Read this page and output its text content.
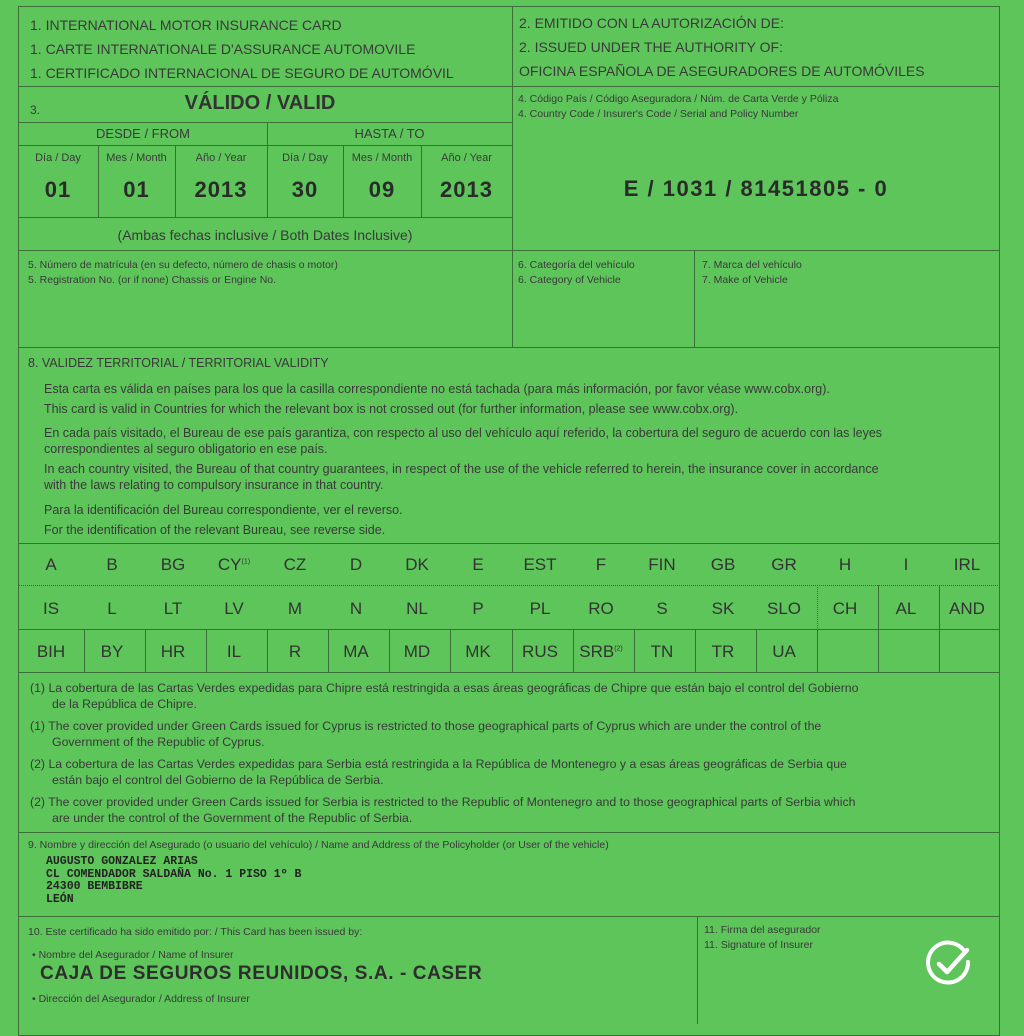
1. INTERNATIONAL MOTOR INSURANCE CARD
1. CARTE INTERNATIONALE D'ASSURANCE AUTOMOVILE
1. CERTIFICADO INTERNACIONAL DE SEGURO DE AUTOMÓVIL
2. EMITIDO CON LA AUTORIZACIÓN DE:
2. ISSUED UNDER THE AUTHORITY OF:
OFICINA ESPAÑOLA DE ASEGURADORES DE AUTOMÓVILES
3.	VÁLIDO / VALID
DESDE / FROM	HASTA / TO
Día / Day	Mes / Month	Año / Year	Día / Day	Mes / Month	Año / Year
01	01	2013	30	09	2013
(Ambas fechas inclusive / Both Dates Inclusive)
4. Código País / Código Aseguradora / Núm. de Carta Verde y Póliza
4. Country Code / Insurer's Code / Serial and Policy Number
E / 1031 / 81451805 - 0
5. Número de matrícula (en su defecto, número de chasis o motor)
5. Registration No. (or if none) Chassis or Engine No.
6. Categoría del vehículo
6. Category of Vehicle
7. Marca del vehículo
7. Make of Vehicle
8. VALIDEZ TERRITORIAL / TERRITORIAL VALIDITY
Esta carta es válida en países para los que la casilla correspondiente no está tachada (para más información, por favor véase www.cobx.org).
This card is valid in Countries for which the relevant box is not crossed out (for further information, please see www.cobx.org).
En cada país visitado, el Bureau de ese país garantiza, con respecto al uso del vehículo aquí referido, la cobertura del seguro de acuerdo con las leyes
correspondientes al seguro obligatorio en ese país.
In each country visited, the Bureau of that country guarantees, in respect of the use of the vehicle referred to herein, the insurance cover in accordance
with the laws relating to compulsory insurance in that country.
Para la identificación del Bureau correspondiente, ver el reverso.
For the identification of the relevant Bureau, see reverse side.
A	B	BG	CY$^{(1)}$	CZ	D	DK	E	EST	F	FIN	GB	GR	H	I	IRL
IS	L	LT	LV	M	N	NL	P	PL	RO	S	SK	SLO	CH	AL	AND
BIH	BY	HR	IL	R	MA	MD	MK	RUS	SRB$^{(2)}$	TN	TR	UA
(1) La cobertura de las Cartas Verdes expedidas para Chipre está restringida a esas áreas geográficas de Chipre que están bajo el control del Gobierno
de la República de Chipre.
(1) The cover provided under Green Cards issued for Cyprus is restricted to those geographical parts of Cyprus which are under the control of the
Government of the Republic of Cyprus.
(2) La cobertura de las Cartas Verdes expedidas para Serbia está restringida a la República de Montenegro y a esas áreas geográficas de Serbia que
están bajo el control del Gobierno de la República de Serbia.
(2) The cover provided under Green Cards issued for Serbia is restricted to the Republic of Montenegro and to those geographical parts of Serbia which
are under the control of the Government of the Republic of Serbia.
9. Nombre y dirección del Asegurado (o usuario del vehículo) / Name and Address of the Policyholder (or User of the vehicle)
AUGUSTO GONZALEZ ARIAS
CL COMENDADOR SALDAÑA No. 1 PISO 1º B
24300 BEMBIBRE
LEÓN
10. Este certificado ha sido emitido por: / This Card has been issued by:
• Nombre del Asegurador / Name of Insurer
CAJA DE SEGUROS REUNIDOS, S.A. - CASER
• Dirección del Asegurador / Address of Insurer
11. Firma del asegurador
11. Signature of Insurer
